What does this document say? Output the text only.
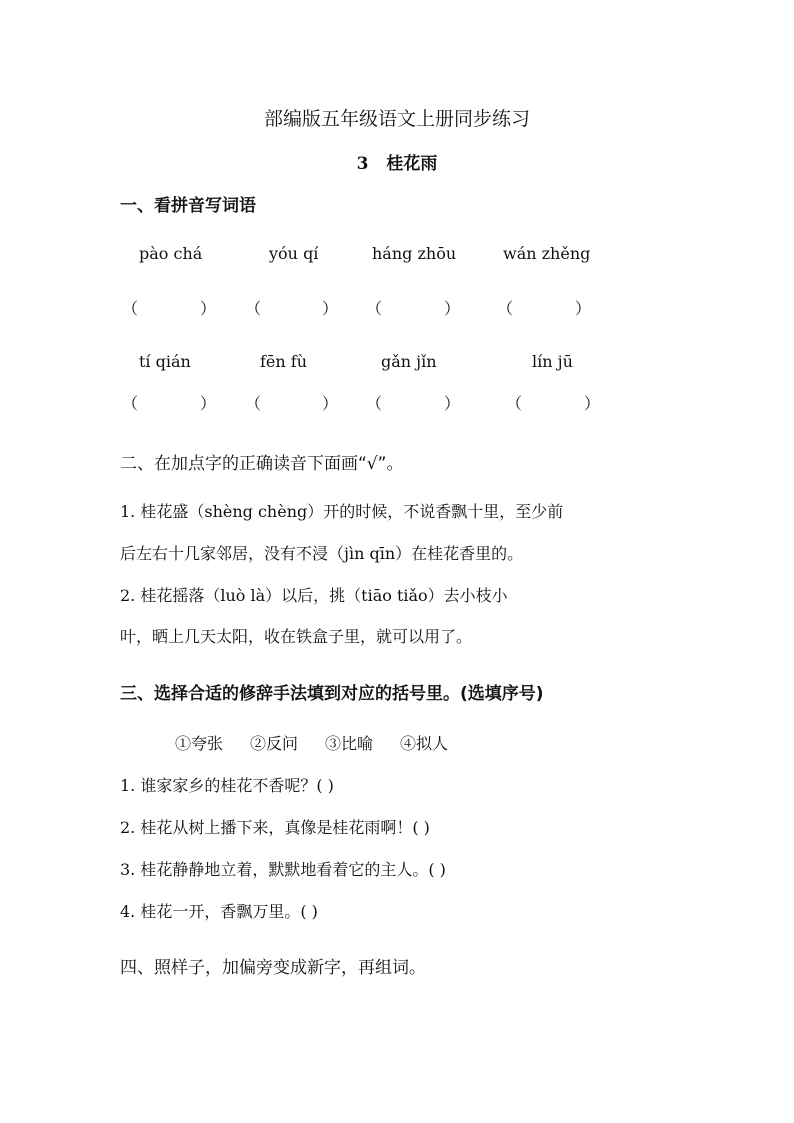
部编版五年级语文上册同步练习
3 桂花雨
一、看拼音写词语
pào chá	yóu qí	háng zhōu	wán zhěng
（	） （	） （	） （	）
tí qián	fēn fù	gǎn jǐn	lín jū
（	） （	） （	）	（	）
二、在加点字的正确读音下面画“√”。
1. 桂花盛（shèng chèng）开的时候，不说香飘十里，至少前
后左右十几家邻居，没有不浸（jìn qīn）在桂花香里的。
2. 桂花摇落（luò là）以后，挑（tiāo tiǎo）去小枝小
叶，晒上几天太阳，收在铁盒子里，就可以用了。
三、选择合适的修辞手法填到对应的括号里。(选填序号)
①夸张 ②反问 ③比喻 ④拟人
1. 谁家家乡的桂花不香呢？( )
2. 桂花从树上播下来，真像是桂花雨啊！( )
3. 桂花静静地立着，默默地看着它的主人。( )
4. 桂花一开，香飘万里。( )
四、照样子，加偏旁变成新字，再组词。
